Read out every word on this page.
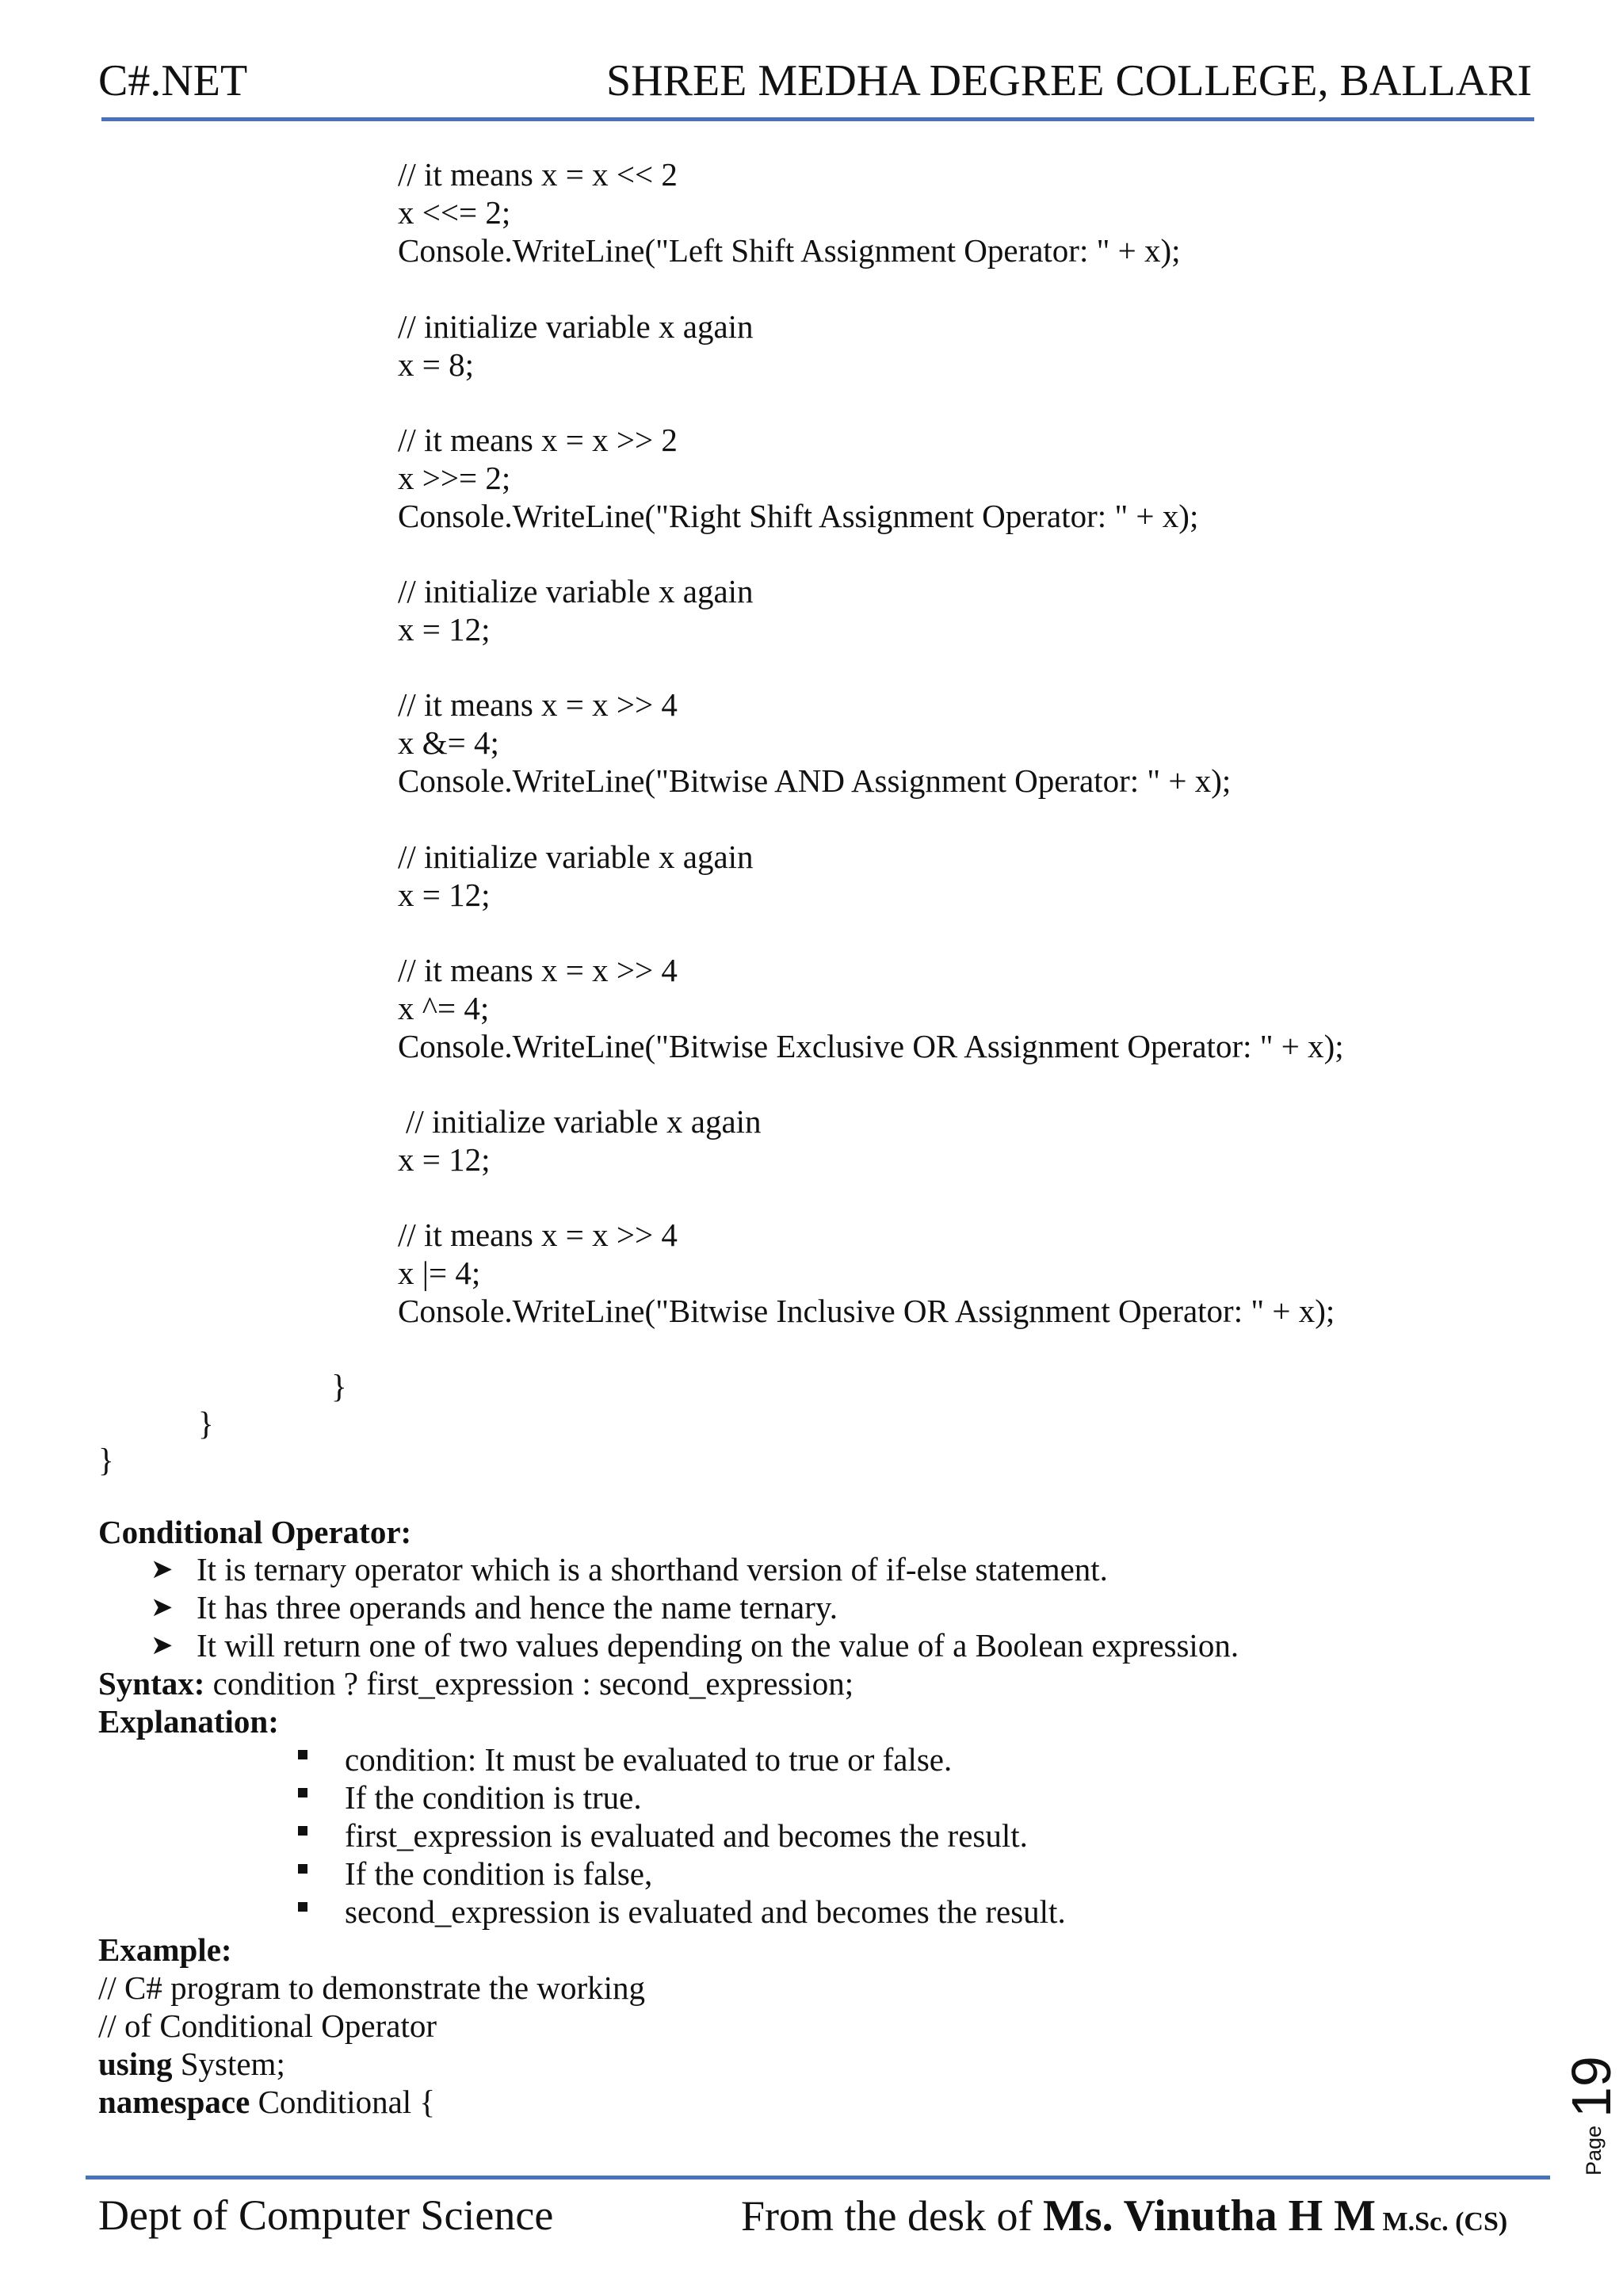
C#.NET	SHREE MEDHA DEGREE COLLEGE, BALLARI
// it means x = x << 2
x <<= 2;
Console.WriteLine("Left Shift Assignment Operator: " + x);
// initialize variable x again
x = 8;
// it means x = x >> 2
x >>= 2;
Console.WriteLine("Right Shift Assignment Operator: " + x);
// initialize variable x again
x = 12;
// it means x = x >> 4
x &= 4;
Console.WriteLine("Bitwise AND Assignment Operator: " + x);
// initialize variable x again
x = 12;
// it means x = x >> 4
x ^= 4;
Console.WriteLine("Bitwise Exclusive OR Assignment Operator: " + x);
// initialize variable x again
x = 12;
// it means x = x >> 4
x |= 4;
Console.WriteLine("Bitwise Inclusive OR Assignment Operator: " + x);
}
}
}
Conditional Operator:
➤ It is ternary operator which is a shorthand version of if-else statement.
➤ It has three operands and hence the name ternary.
➤ It will return one of two values depending on the value of a Boolean expression.
Syntax: condition ? first_expression : second_expression;
Explanation:
condition: It must be evaluated to true or false.
If the condition is true.
first_expression is evaluated and becomes the result.
If the condition is false,
second_expression is evaluated and becomes the result.
Example:
// C# program to demonstrate the working
// of Conditional Operator
using System;
namespace Conditional {
Page
19
Dept of Computer Science	From the desk of Ms. Vinutha H M M.Sc. (CS)
